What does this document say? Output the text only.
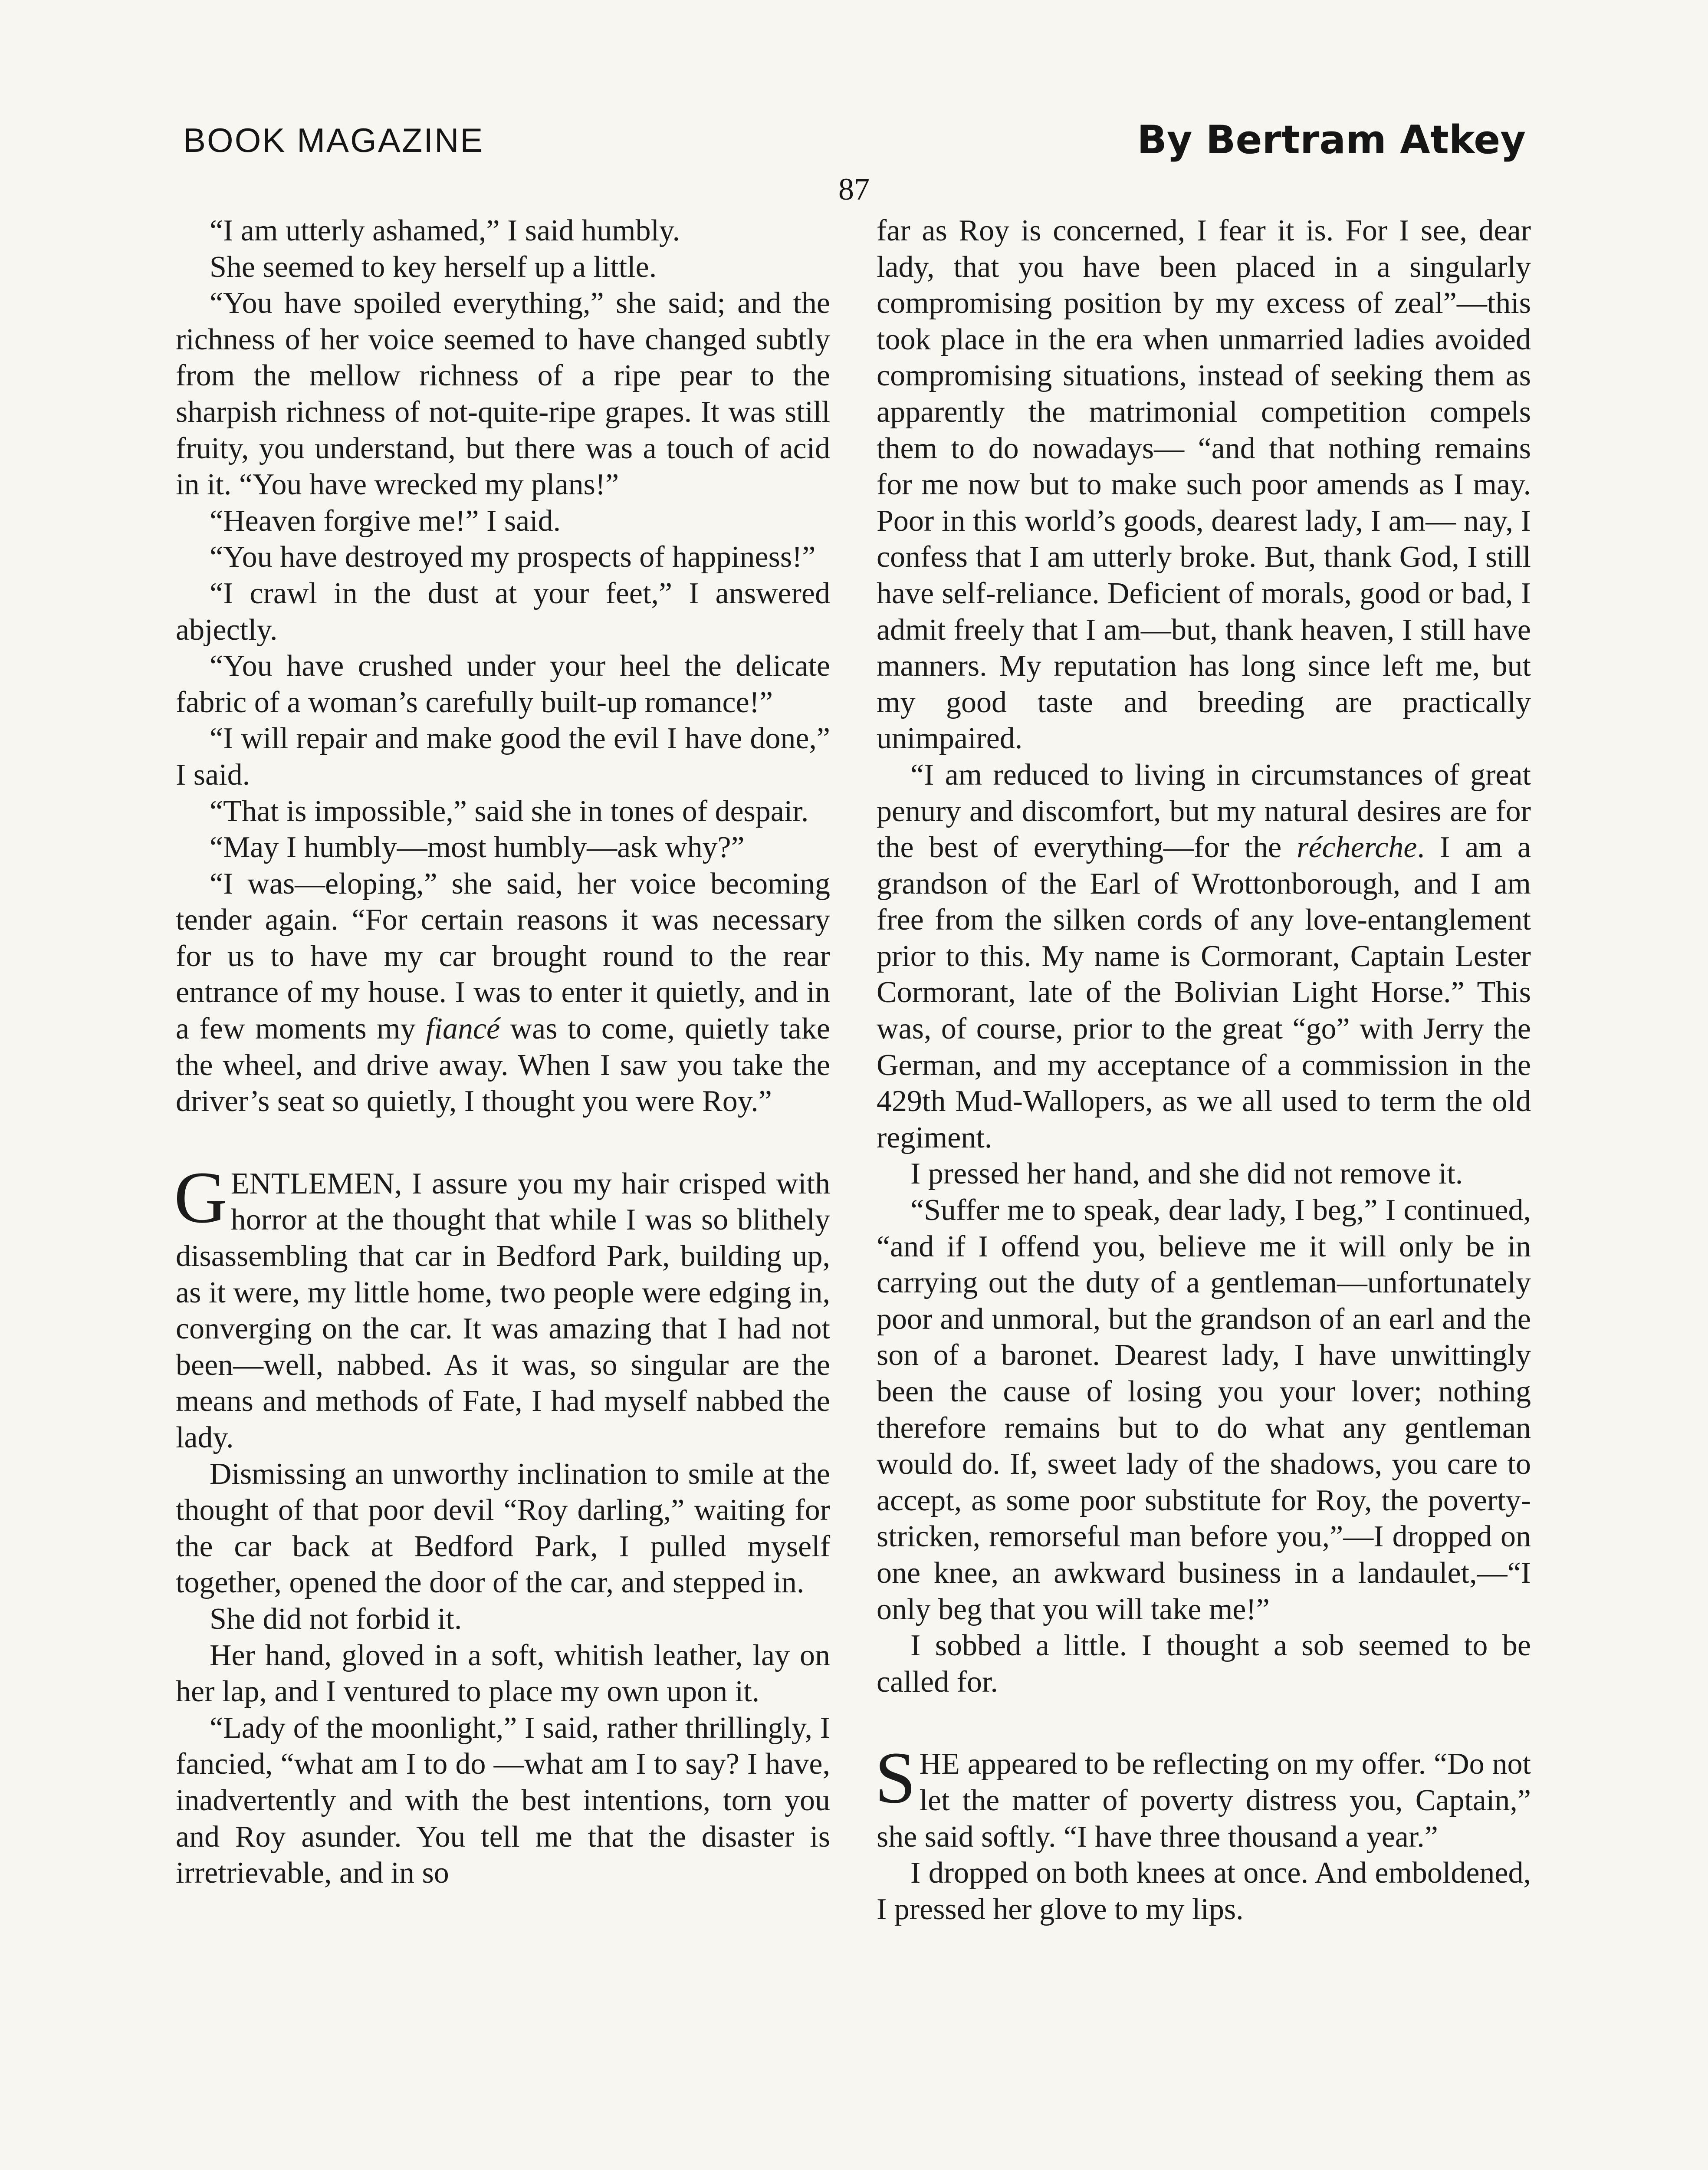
BOOK MAGAZINE	By Bertram Atkey
87

“I am utterly ashamed,” I said humbly.

She seemed to key herself up a little.

“You have spoiled everything,” she said; and the richness of her voice seemed to have changed subtly from the mellow richness of a ripe pear to the sharpish richness of not-quite-ripe grapes. It was still fruity, you understand, but there was a touch of acid in it. “You have wrecked my plans!”

“Heaven forgive me!” I said.

“You have destroyed my prospects of happiness!”

“I crawl in the dust at your feet,” I answered abjectly.

“You have crushed under your heel the delicate fabric of a woman’s carefully built-up romance!”

“I will repair and make good the evil I have done,” I said.

“That is impossible,” said she in tones of despair.

“May I humbly—most humbly—ask why?”

“I was—eloping,” she said, her voice becoming tender again. “For certain reasons it was necessary for us to have my car brought round to the rear entrance of my house. I was to enter it quietly, and in a few moments my fiancé was to come, quietly take the wheel, and drive away. When I saw you take the driver’s seat so quietly, I thought you were Roy.”

GENTLEMEN, I assure you my hair crisped with horror at the thought that while I was so blithely disassembling that car in Bedford Park, building up, as it were, my little home, two people were edging in, converging on the car. It was amazing that I had not been—well, nabbed. As it was, so singular are the means and methods of Fate, I had myself nabbed the lady.

Dismissing an unworthy inclination to smile at the thought of that poor devil “Roy darling,” waiting for the car back at Bedford Park, I pulled myself together, opened the door of the car, and stepped in.

She did not forbid it.

Her hand, gloved in a soft, whitish leather, lay on her lap, and I ventured to place my own upon it.

“Lady of the moonlight,” I said, rather thrillingly, I fancied, “what am I to do —what am I to say? I have, inadvertently and with the best intentions, torn you and Roy asunder. You tell me that the disaster is irretrievable, and in so

far as Roy is concerned, I fear it is. For I see, dear lady, that you have been placed in a singularly compromising position by my excess of zeal”—this took place in the era when unmarried ladies avoided compromising situations, instead of seeking them as apparently the matrimonial competition compels them to do nowadays— “and that nothing remains for me now but to make such poor amends as I may. Poor in this world’s goods, dearest lady, I am— nay, I confess that I am utterly broke. But, thank God, I still have self-reliance. Deficient of morals, good or bad, I admit freely that I am—but, thank heaven, I still have manners. My reputation has long since left me, but my good taste and breeding are practically unimpaired.

“I am reduced to living in circumstances of great penury and discomfort, but my natural desires are for the best of everything—for the récherche. I am a grandson of the Earl of Wrottonborough, and I am free from the silken cords of any love-entanglement prior to this. My name is Cormorant, Captain Lester Cormorant, late of the Bolivian Light Horse.” This was, of course, prior to the great “go” with Jerry the German, and my acceptance of a commission in the 429th Mud-Wallopers, as we all used to term the old regiment.

I pressed her hand, and she did not remove it.

“Suffer me to speak, dear lady, I beg,” I continued, “and if I offend you, believe me it will only be in carrying out the duty of a gentleman—unfortunately poor and unmoral, but the grandson of an earl and the son of a baronet. Dearest lady, I have unwittingly been the cause of losing you your lover; nothing therefore remains but to do what any gentleman would do. If, sweet lady of the shadows, you care to accept, as some poor substitute for Roy, the poverty-stricken, remorseful man before you,”—I dropped on one knee, an awkward business in a landaulet,—“I only beg that you will take me!”

I sobbed a little. I thought a sob seemed to be called for.

SHE appeared to be reflecting on my offer. “Do not let the matter of poverty distress you, Captain,” she said softly. “I have three thousand a year.”

I dropped on both knees at once. And emboldened, I pressed her glove to my lips.
